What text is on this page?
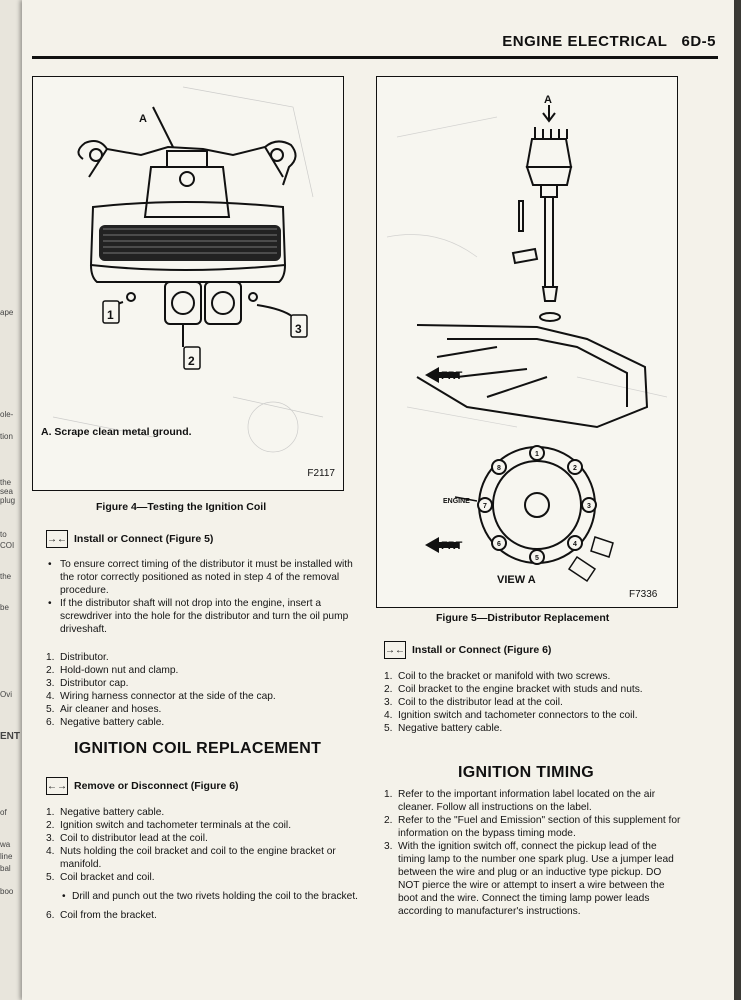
ape
ole-
tion
the
sea
plug
to
COI
the
be
Ovi
ENT
of
wa
line
bal
boo
ENGINE ELECTRICAL 6D-5
A
1
3
2
A. Scrape clean metal ground.
F2117
Figure 4—Testing the Ignition Coil
1
2
3
4
5
6
7
8
A
FRT
ENGINE
FRT
VIEW A
F7336
Figure 5—Distributor Replacement
→← Install or Connect (Figure 5)
• To ensure correct timing of the distributor it must be installed with the rotor correctly positioned as noted in step 4 of the removal procedure.
• If the distributor shaft will not drop into the engine, insert a screwdriver into the hole for the distributor and turn the oil pump driveshaft.
1. Distributor.
2. Hold-down nut and clamp.
3. Distributor cap.
4. Wiring harness connector at the side of the cap.
5. Air cleaner and hoses.
6. Negative battery cable.
IGNITION COIL REPLACEMENT
←→ Remove or Disconnect (Figure 6)
1. Negative battery cable.
2. Ignition switch and tachometer terminals at the coil.
3. Coil to distributor lead at the coil.
4. Nuts holding the coil bracket and coil to the engine bracket or manifold.
5. Coil bracket and coil.
• Drill and punch out the two rivets holding the coil to the bracket.
6. Coil from the bracket.
→← Install or Connect (Figure 6)
1. Coil to the bracket or manifold with two screws.
2. Coil bracket to the engine bracket with studs and nuts.
3. Coil to the distributor lead at the coil.
4. Ignition switch and tachometer connectors to the coil.
5. Negative battery cable.
IGNITION TIMING
1. Refer to the important information label located on the air cleaner. Follow all instructions on the label.
2. Refer to the "Fuel and Emission" section of this supplement for information on the bypass timing mode.
3. With the ignition switch off, connect the pickup lead of the timing lamp to the number one spark plug. Use a jumper lead between the wire and plug or an inductive type pickup. DO NOT pierce the wire or attempt to insert a wire between the boot and the wire. Connect the timing lamp power leads according to manufacturer's instructions.
